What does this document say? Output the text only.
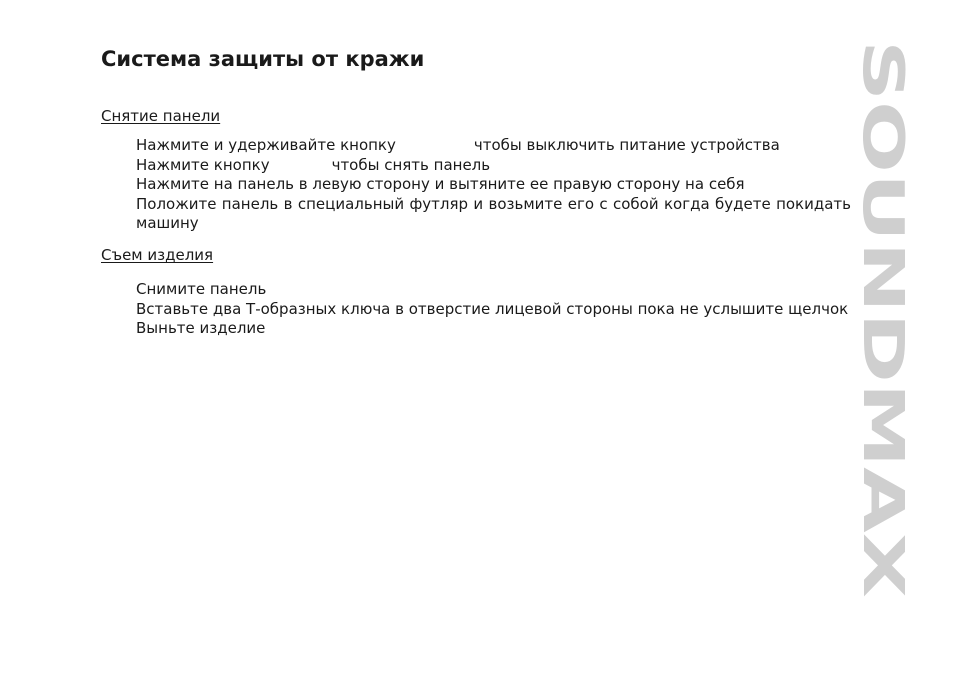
Система защиты от кражи
Снятие панели
Нажмите и удерживайте кнопку	чтобы выключить питание устройства
Нажмите кнопку	чтобы снять панель
Нажмите на панель в левую сторону и вытяните ее правую сторону на себя
Положите панель в специальный футляр и возьмите его с собой когда будете покидать машину
Съем изделия
Снимите панель
Вставьте два Т-образных ключа в отверстие лицевой стороны пока не услышите щелчок
Выньте изделие	SOUNDMAX
